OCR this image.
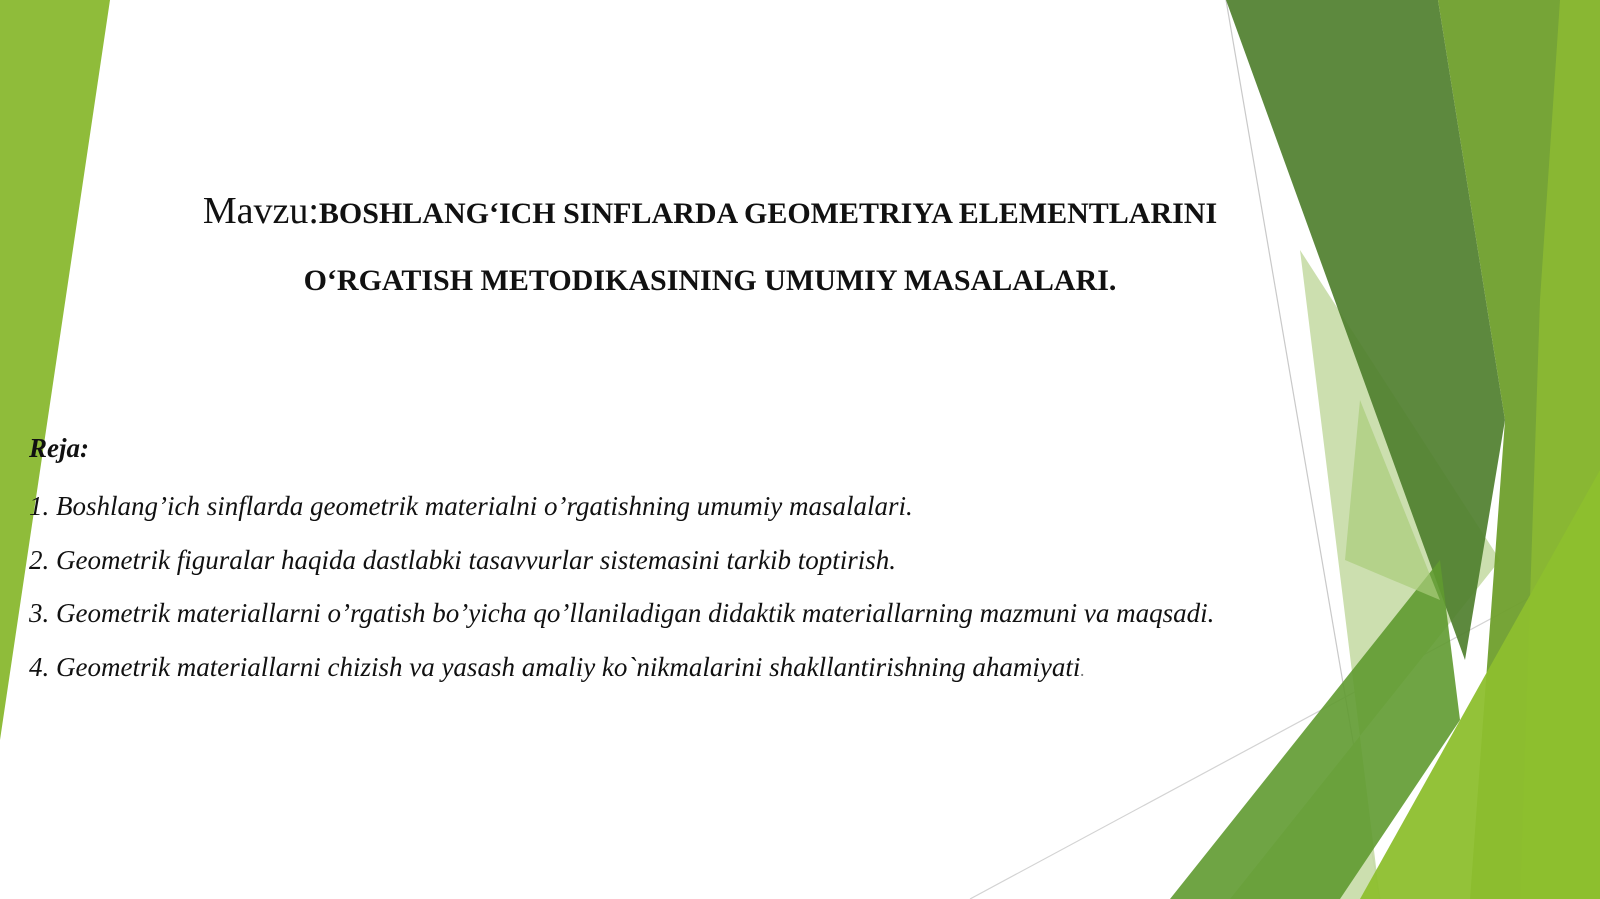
Mavzu:BOSHLANG‘ICH SINFLARDA GEOMETRIYA ELEMENTLARINI
O‘RGATISH METODIKASINING UMUMIY MASALALARI.
Reja:
1. Boshlang’ich sinflarda geometrik materialni o’rgatishning umumiy masalalari.
2. Geometrik figuralar haqida dastlabki tasavvurlar sistemasini tarkib toptirish.
3. Geometrik materiallarni o’rgatish bo’yicha qo’llaniladigan didaktik materiallarning mazmuni va maqsadi.
4. Geometrik materiallarni chizish va yasash amaliy ko`nikmalarini shakllantirishning ahamiyati.
